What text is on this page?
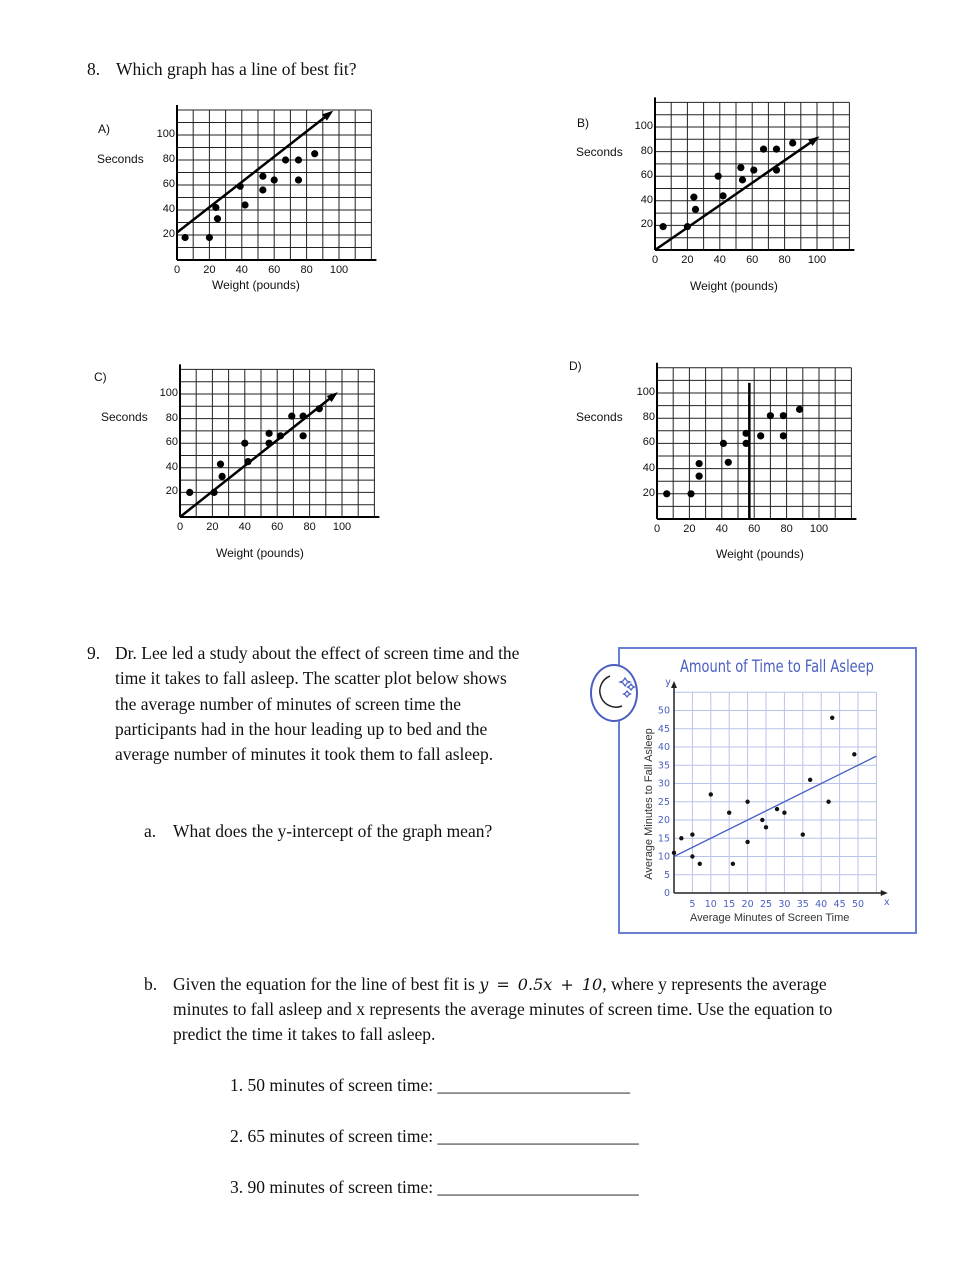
8. Which graph has a line of best fit?
9. Dr. Lee led a study about the effect of screen time and the
time it takes to fall asleep. The scatter plot below shows
the average number of minutes of screen time the
participants had in the hour leading up to bed and the
average number of minutes it took them to fall asleep.
a. What does the y-intercept of the graph mean?
b. Given the equation for the line of best fit is y = 0.5x + 10, where y represents the average
minutes to fall asleep and x represents the average minutes of screen time. Use the equation to
predict the time it takes to fall asleep.
1. 50 minutes of screen time: ______________________
2. 65 minutes of screen time: _______________________
3. 90 minutes of screen time: _______________________
Amount of Time to Fall Asleep
5 10 15 20 25 30 35 40 45 50
0
5
10
15
20
25
30
35
40
45
50
x
y
Average Minutes of Screen Time
Average Minutes to Fall Asleep
A)
Seconds
Weight (pounds)
0 20 40 60 80 100
20
40
60
80
100
B)
Seconds
Weight (pounds)
0 20 40 60 80 100
20
40
60
80
100
C)
Seconds
Weight (pounds)
0 20 40 60 80 100
20
40
60
80
100
D)
Seconds
Weight (pounds)
0 20 40 60 80 100
20
40
60
80
100
